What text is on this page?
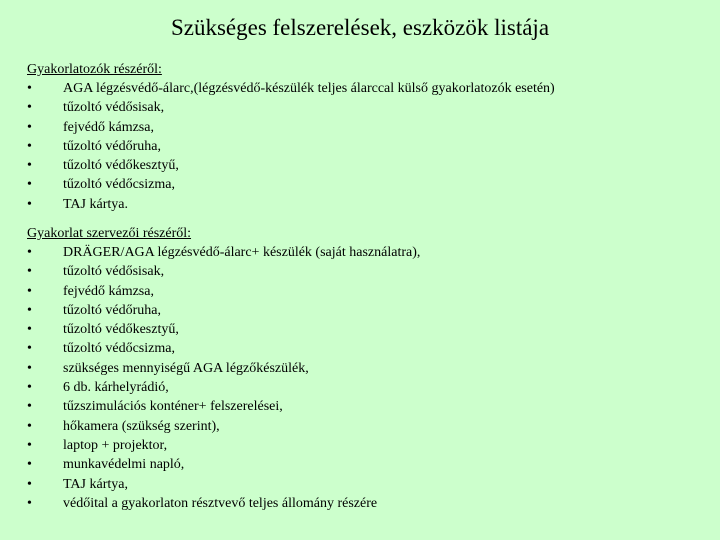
Szükséges felszerelések, eszközök listája
Gyakorlatozók részéről:
•	AGA légzésvédő-álarc,(légzésvédő-készülék teljes álarccal külső gyakorlatozók esetén)
•	tűzoltó védősisak,
•	fejvédő kámzsa,
•	tűzoltó védőruha,
•	tűzoltó védőkesztyű,
•	tűzoltó védőcsizma,
•	TAJ kártya.
Gyakorlat szervezői részéről:
•	DRÄGER/AGA légzésvédő-álarc+ készülék (saját használatra),
•	tűzoltó védősisak,
•	fejvédő kámzsa,
•	tűzoltó védőruha,
•	tűzoltó védőkesztyű,
•	tűzoltó védőcsizma,
•	szükséges mennyiségű AGA légzőkészülék,
•	6 db. kárhelyrádió,
•	tűzszimulációs konténer+ felszerelései,
•	hőkamera (szükség szerint),
•	laptop + projektor,
•	munkavédelmi napló,
•	TAJ kártya,
•	védőital a gyakorlaton résztvevő teljes állomány részére
